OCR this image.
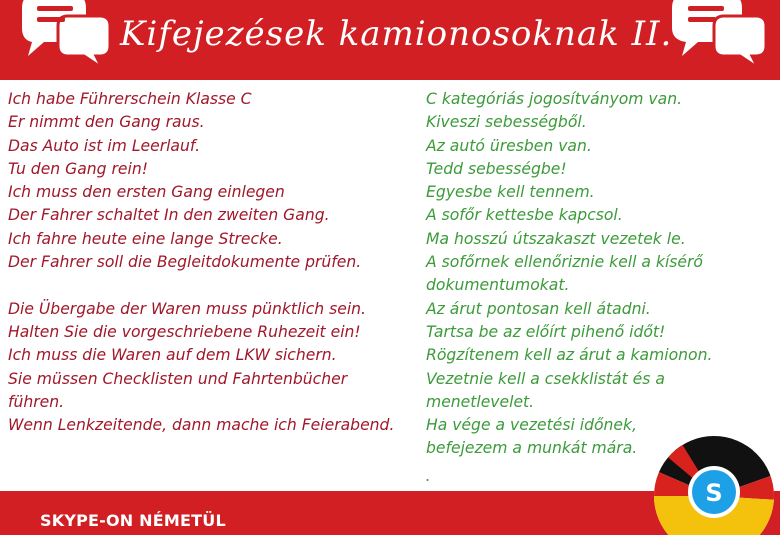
Kifejezések kamionosoknak II.
Ich habe Führerschein Klasse C
Er nimmt den Gang raus.
Das Auto ist im Leerlauf.
Tu den Gang rein!
Ich muss den ersten Gang einlegen
Der Fahrer schaltet In den zweiten Gang.
Ich fahre heute eine lange Strecke.
Der Fahrer soll die Begleitdokumente prüfen.
Die Übergabe der Waren muss pünktlich sein.
Halten Sie die vorgeschriebene Ruhezeit ein!
Ich muss die Waren auf dem LKW sichern.
Sie müssen Checklisten und Fahrtenbücher
führen.
Wenn Lenkzeitende, dann mache ich Feierabend.
C kategóriás jogosítványom van.
Kiveszi sebességből.
Az autó üresben van.
Tedd sebességbe!
Egyesbe kell tennem.
A sofőr kettesbe kapcsol.
Ma hosszú útszakaszt vezetek le.
A sofőrnek ellenőriznie kell a kísérő
dokumentumokat.
Az árut pontosan kell átadni.
Tartsa be az előírt pihenő időt!
Rögzítenem kell az árut a kamionon.
Vezetnie kell a csekklistát és a
menetlevelet.
Ha vége a vezetési időnek,
befejezem a munkát mára.
.
SKYPE-ON NÉMETÜL
S
